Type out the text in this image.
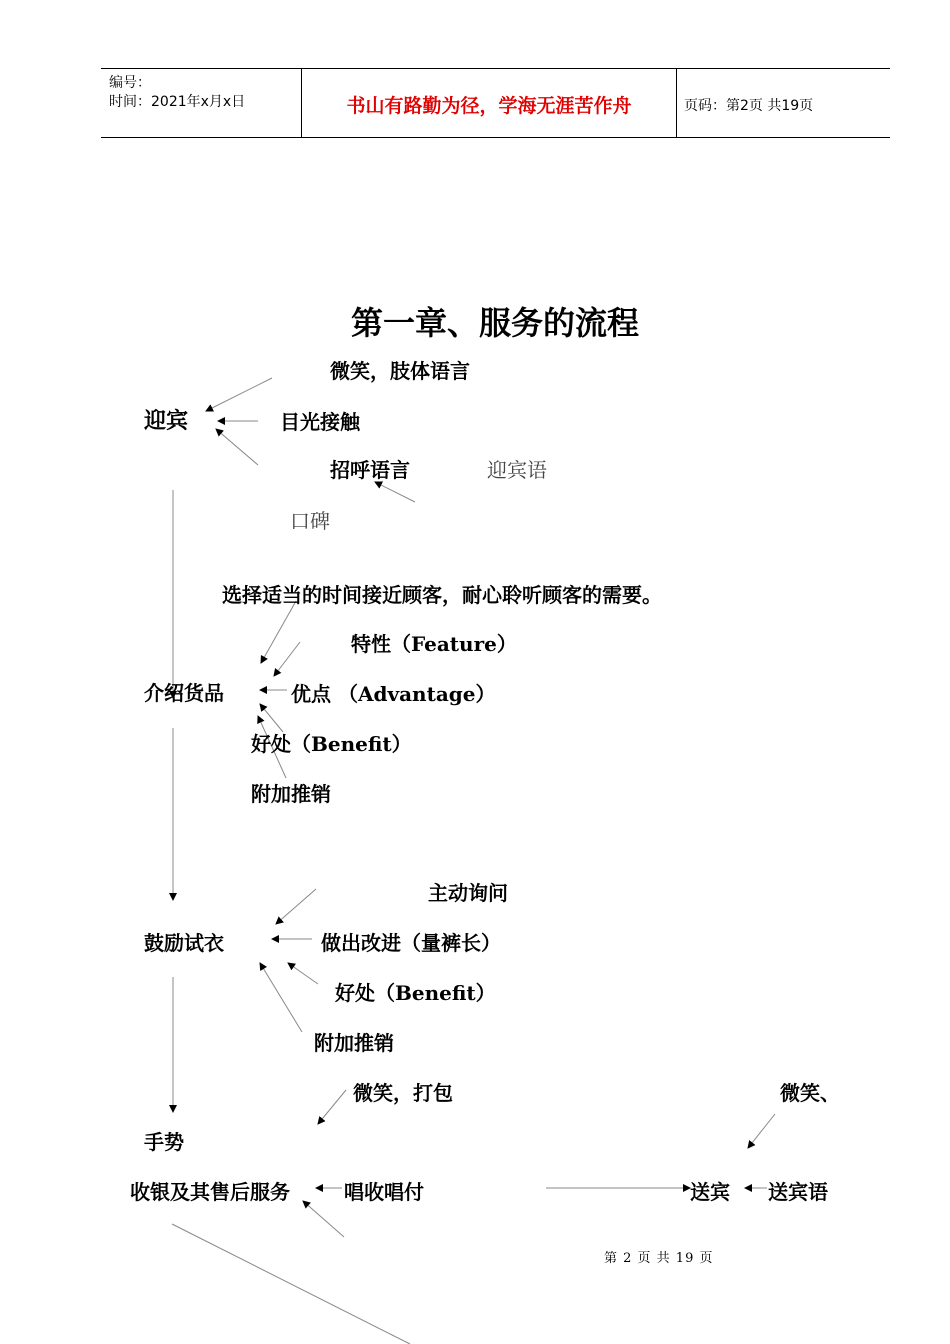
编号：
时间：2021年x月x日	书山有路勤为径，学海无涯苦作舟	页码：第2页 共19页
第一章、服务的流程
微笑，肢体语言
迎宾	目光接触
招呼语言	迎宾语
口碑
选择适当的时间接近顾客，耐心聆听顾客的需要。
特性（Feature）
介绍货品	优点 （Advantage）
好处（Benefit）
附加推销
主动询问
鼓励试衣	做出改进（量裤长）
好处（Benefit）
附加推销
微笑，打包	微笑、
手势
收银及其售后服务	唱收唱付	送宾 送宾语
第 2 页 共 19 页
